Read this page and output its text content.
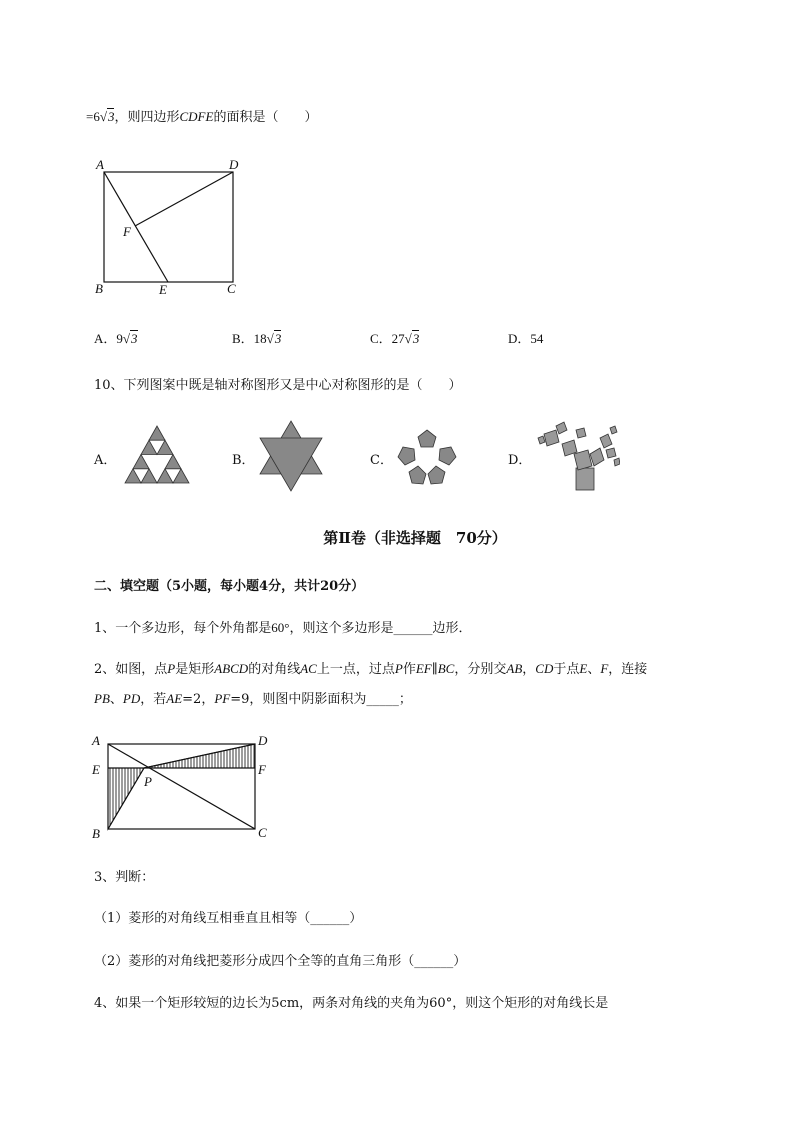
=6√3，则四边形CDFE的面积是（　　）
A	D
F
B	E	C
A．9√3	B．18√3	C．27√3	D．54
10、下列图案中既是轴对称图形又是中心对称图形的是（　　）
A．	B．	C．	D．
第Ⅱ卷（非选择题　70分）
二、填空题（5小题，每小题4分，共计20分）
1、一个多边形，每个外角都是60°，则这个多边形是______边形．
2、如图，点P是矩形ABCD的对角线AC上一点，过点P作EF∥BC，分别交AB，CD于点E、F，连接
PB、PD，若AE=2，PF=9，则图中阴影面积为_____；
A	D
E	F
P
B	C
3、判断：
（1）菱形的对角线互相垂直且相等（______）
（2）菱形的对角线把菱形分成四个全等的直角三角形（______）
4、如果一个矩形较短的边长为5cm，两条对角线的夹角为60°，则这个矩形的对角线长是
